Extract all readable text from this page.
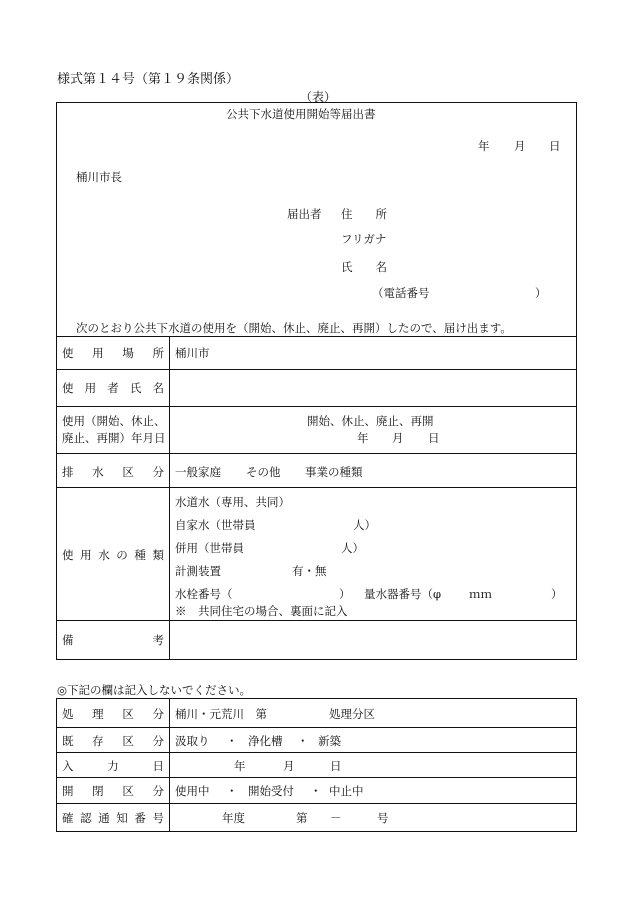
様式第１４号（第１９条関係）
（表）
公共下水道使用開始等届出書
年 月 日
桶川市長
届出者 住　　所
フリガナ
氏　　名
（電話番号	）
次のとおり公共下水道の使用を（開始、休止、廃止、再開）したので、届け出ます。
使 用 場 所 桶川市
使 用 者 氏 名
使用（開始、休止、
廃止、再開）年月日
開始、休止、廃止、再開
年 月 日
排 水 区 分 一般家庭 その他 事業の種類
使 用 水 の 種 類
水道水（専用、共同）
自家水（世帯員	人）
併用（世帯員	人）
計測装置	有・無
水栓番号（	） 量水器番号（φ ｍｍ	）
※　共同住宅の場合、裏面に記入
備	考
◎下記の欄は記入しないでください。
処 理 区 分 桶川・元荒川　第	処理分区
既 存 区 分 汲取り ・ 浄化槽 ・ 新築
入	力	日	年	月	日
開 閉 区 分 使用中 ・ 開始受付 ・ 中止中
確 認 通 知 番 号	年度	第 －	号
